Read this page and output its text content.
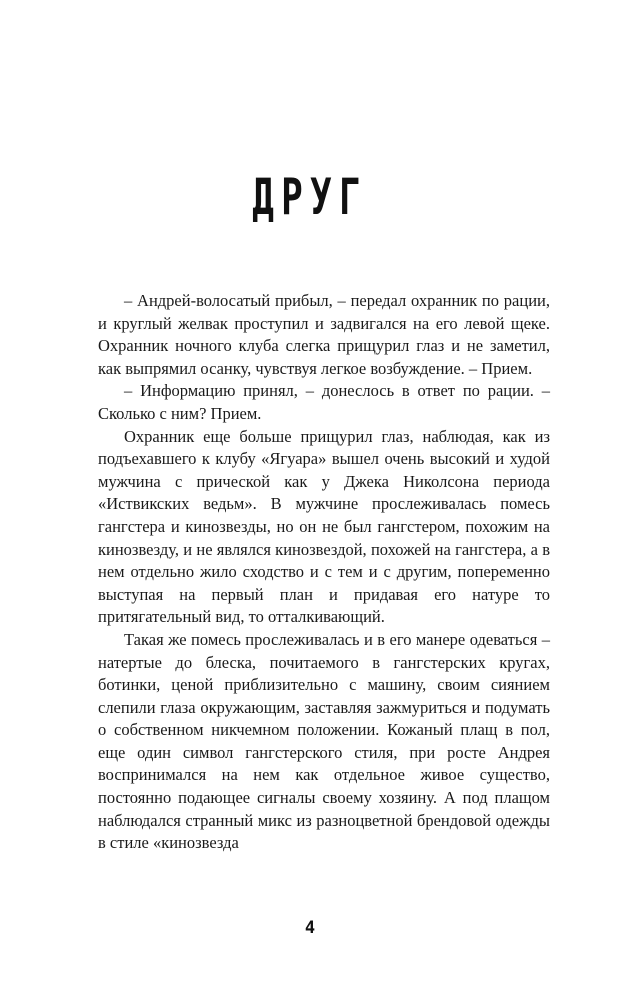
ДРУГ

– Андрей-волосатый прибыл, – передал охранник по рации, и круглый желвак проступил и задвигался на его левой щеке. Охранник ночного клуба слегка прищурил глаз и не заметил, как выпрямил осанку, чувствуя легкое возбуждение. – Прием.

– Информацию принял, – донеслось в ответ по рации. – Сколько с ним? Прием.

Охранник еще больше прищурил глаз, наблюдая, как из подъехавшего к клубу «Ягуара» вышел очень высокий и худой мужчина с прической как у Джека Николсона периода «Иствикских ведьм». В мужчине прослеживалась помесь гангстера и кинозвезды, но он не был гангстером, похожим на кинозвезду, и не являлся кинозвездой, похожей на гангстера, а в нем отдельно жило сходство и с тем и с другим, попеременно выступая на первый план и придавая его натуре то притягательный вид, то отталкивающий.

Такая же помесь прослеживалась и в его манере одеваться – натертые до блеска, почитаемого в гангстерских кругах, ботинки, ценой приблизительно с машину, своим сиянием слепили глаза окружающим, заставляя зажмуриться и подумать о собственном никчемном положении. Кожаный плащ в пол, еще один символ гангстерского стиля, при росте Андрея воспринимался на нем как отдельное живое существо, постоянно подающее сигналы своему хозяину. А под плащом наблюдался странный микс из разноцветной брендовой одежды в стиле «кинозвезда

4
